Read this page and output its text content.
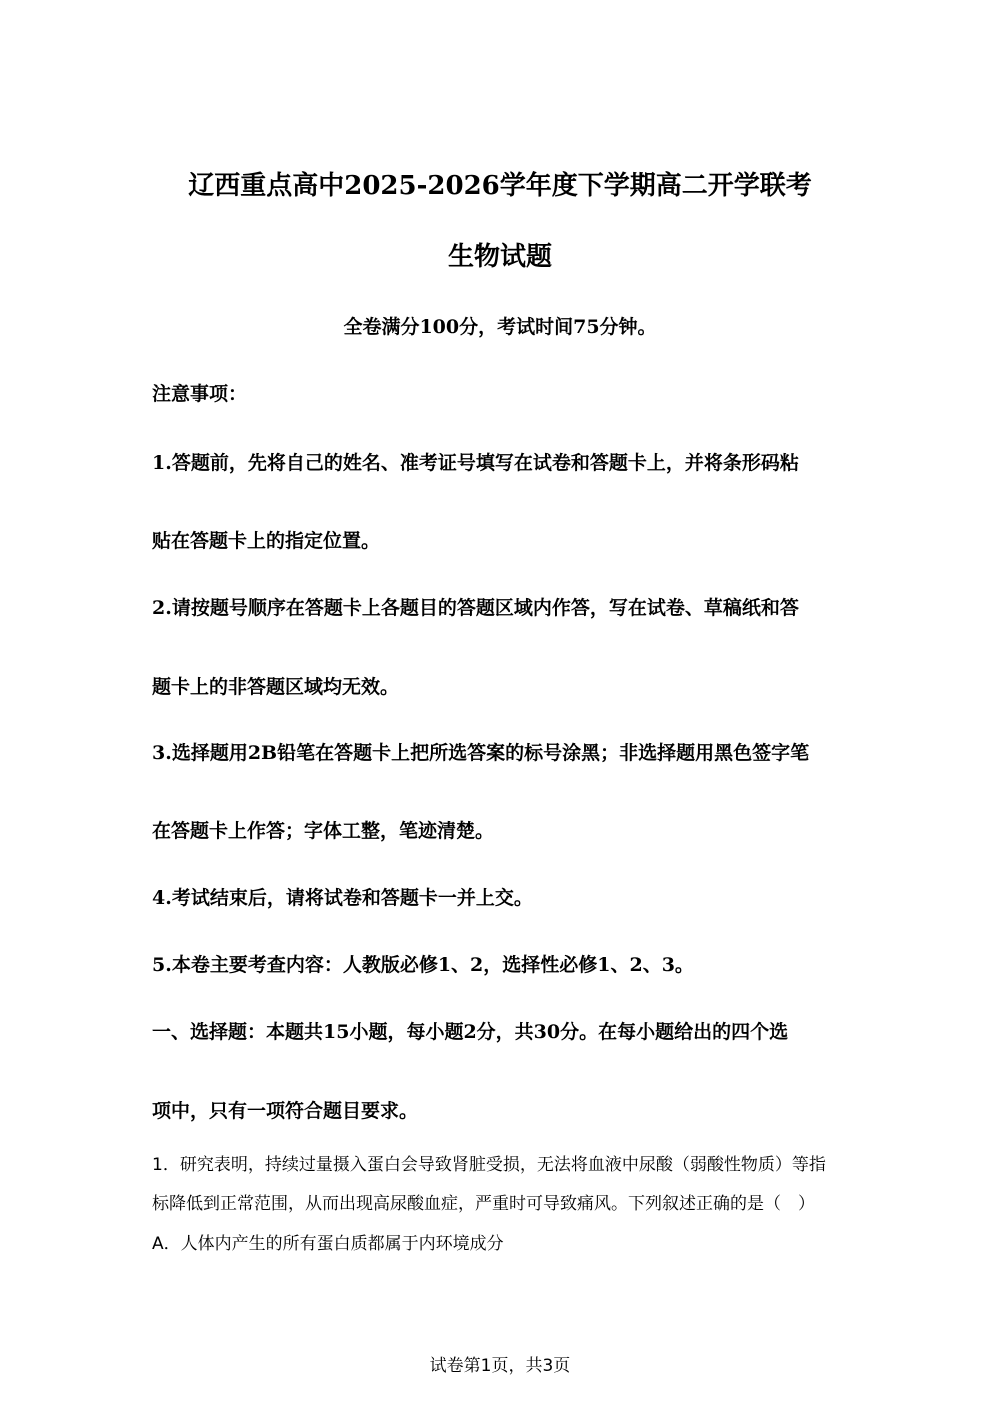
辽西重点高中2025-2026学年度下学期高二开学联考
生物试题
全卷满分100分，考试时间75分钟。
注意事项：
1.答题前，先将自己的姓名、准考证号填写在试卷和答题卡上，并将条形码粘
贴在答题卡上的指定位置。
2.请按题号顺序在答题卡上各题目的答题区域内作答，写在试卷、草稿纸和答
题卡上的非答题区域均无效。
3.选择题用2B铅笔在答题卡上把所选答案的标号涂黑；非选择题用黑色签字笔
在答题卡上作答；字体工整，笔迹清楚。
4.考试结束后，请将试卷和答题卡一并上交。
5.本卷主要考查内容：人教版必修1、2，选择性必修1、2、3。
一、选择题：本题共15小题，每小题2分，共30分。在每小题给出的四个选
项中，只有一项符合题目要求。
1．研究表明，持续过量摄入蛋白会导致肾脏受损，无法将血液中尿酸（弱酸性物质）等指
标降低到正常范围，从而出现高尿酸血症，严重时可导致痛风。下列叙述正确的是（　）
A．人体内产生的所有蛋白质都属于内环境成分
试卷第1页，共3页
